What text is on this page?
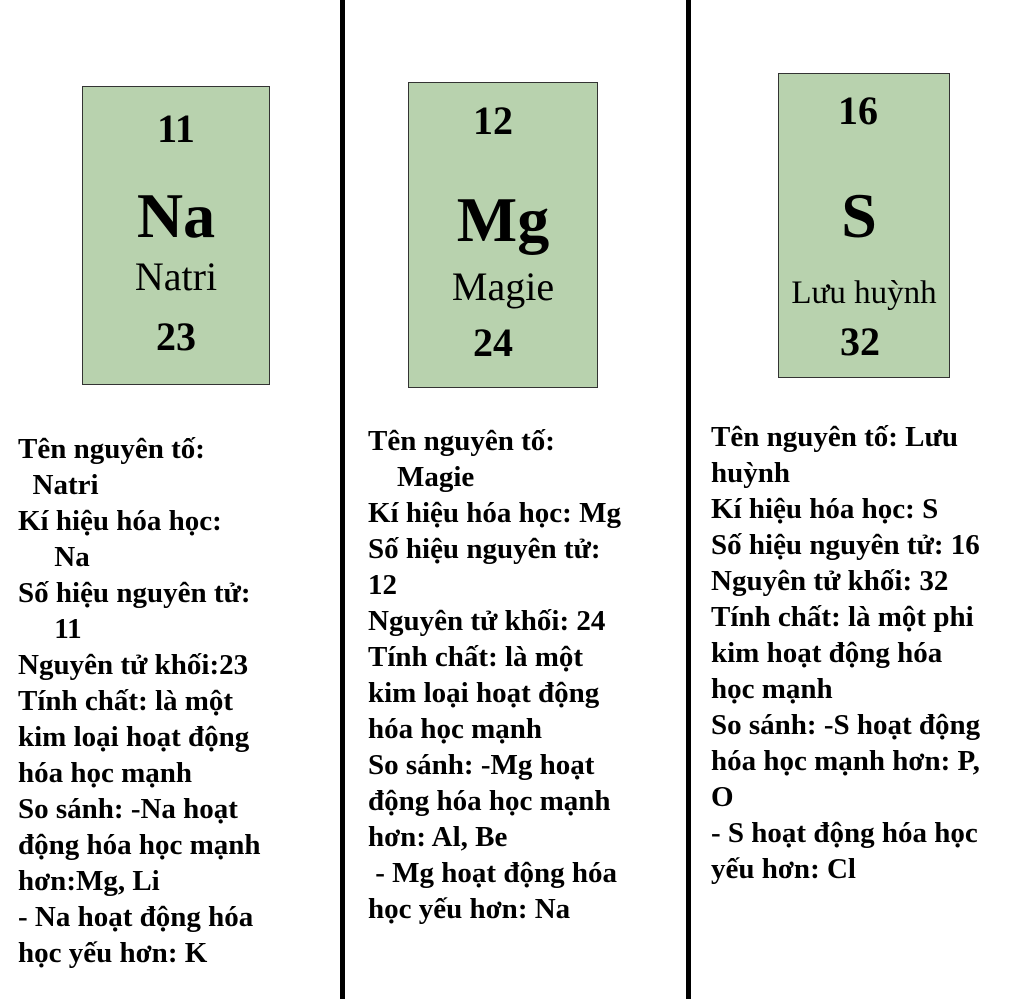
11
Na
Natri
23
12
Mg
Magie
24
16
S
Lưu huỳnh
32
Tên nguyên tố:
Natri
Kí hiệu hóa học:
Na
Số hiệu nguyên tử:
11
Nguyên tử khối:23
Tính chất: là một
kim loại hoạt động
hóa học mạnh
So sánh: -Na hoạt
động hóa học mạnh
hơn:Mg, Li
- Na hoạt động hóa
học yếu hơn: K
Tên nguyên tố:
Magie
Kí hiệu hóa học: Mg
Số hiệu nguyên tử:
12
Nguyên tử khối: 24
Tính chất: là một
kim loại hoạt động
hóa học mạnh
So sánh: -Mg hoạt
động hóa học mạnh
hơn: Al, Be
- Mg hoạt động hóa
học yếu hơn: Na
Tên nguyên tố: Lưu
huỳnh
Kí hiệu hóa học: S
Số hiệu nguyên tử: 16
Nguyên tử khối: 32
Tính chất: là một phi
kim hoạt động hóa
học mạnh
So sánh: -S hoạt động
hóa học mạnh hơn: P,
O
- S hoạt động hóa học
yếu hơn: Cl
